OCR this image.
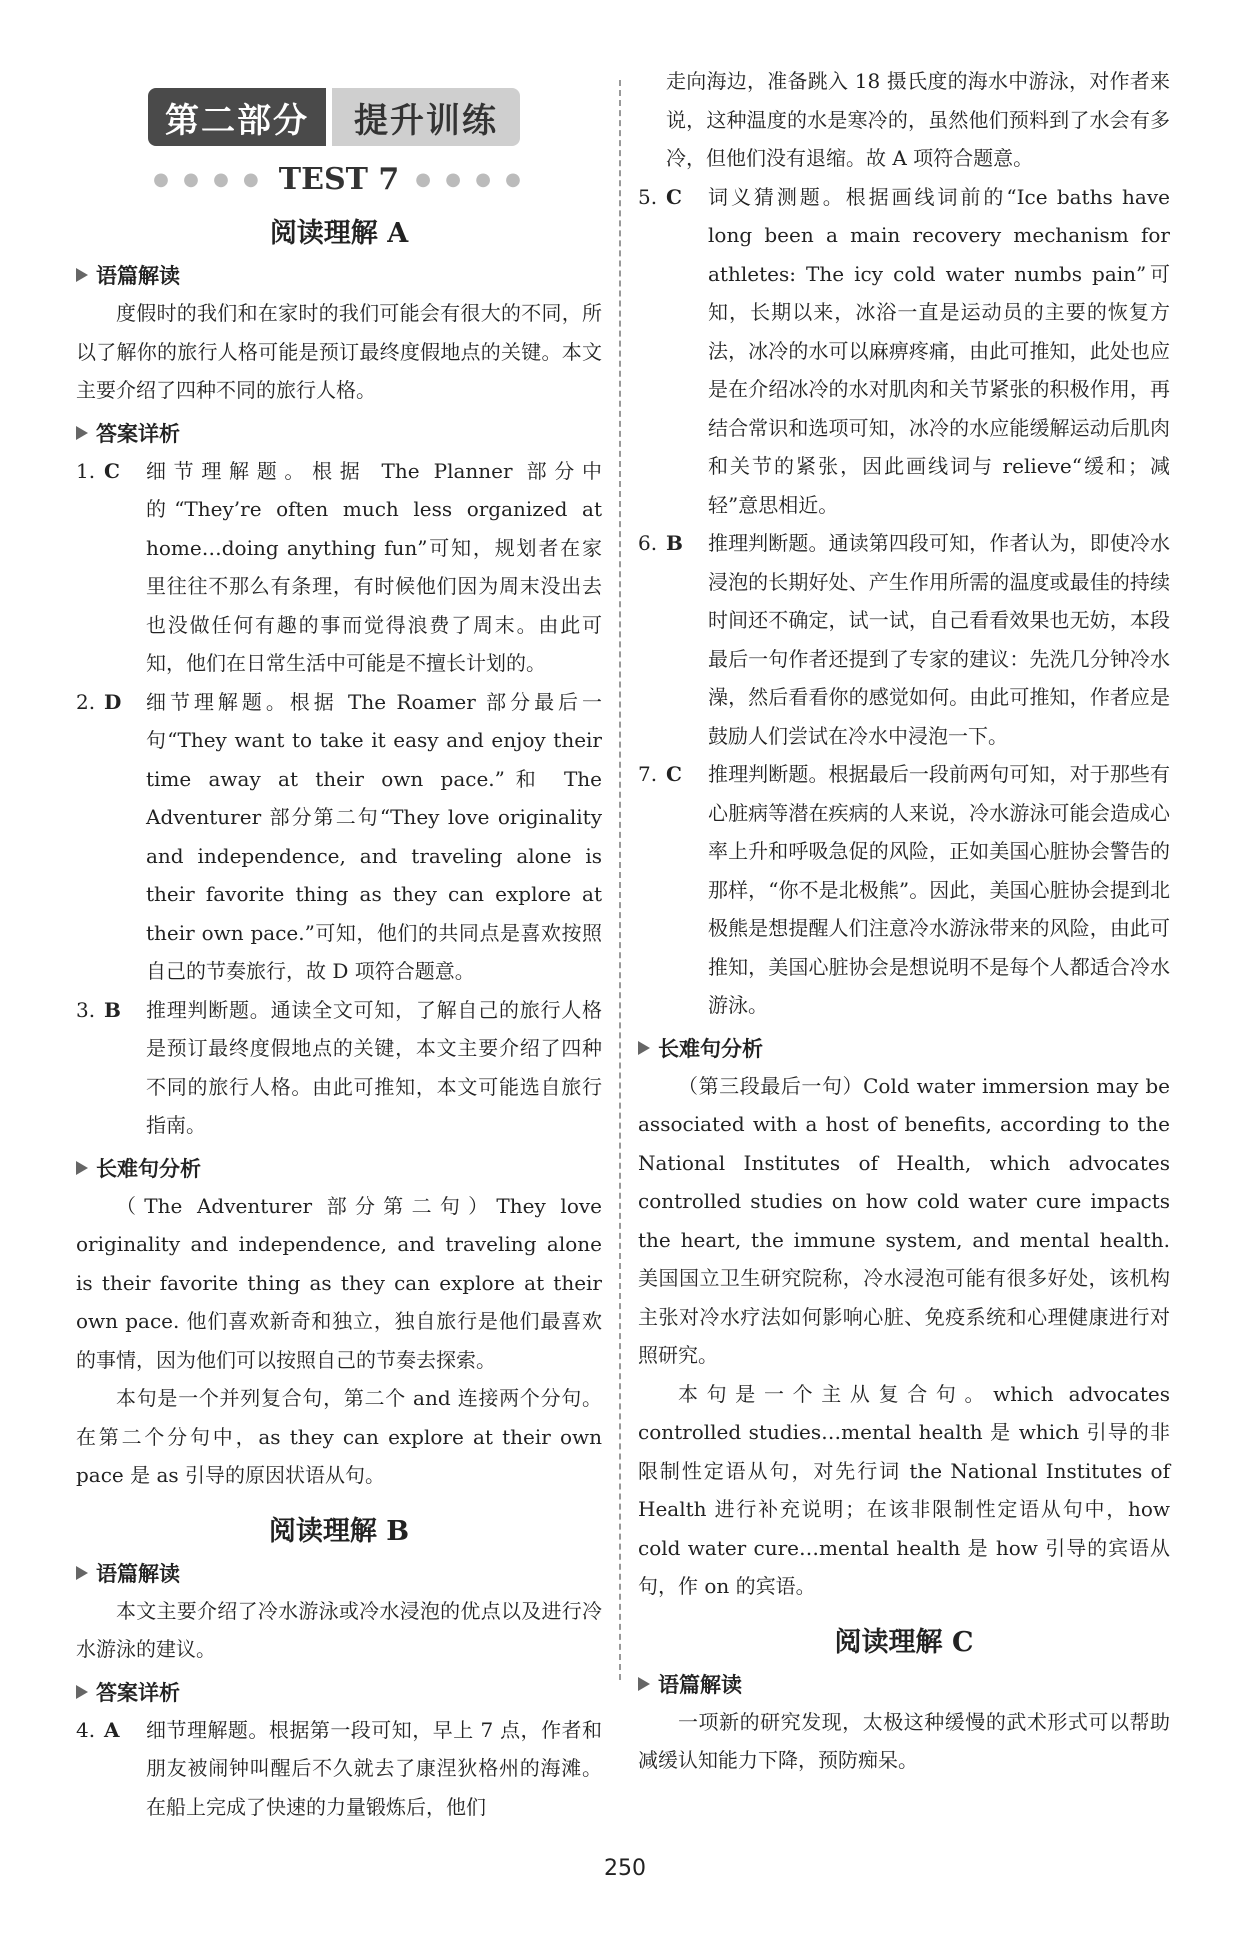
第二部分	提升训练
● ● ● ● TEST 7 ● ● ● ●
阅读理解 A
语篇解读

度假时的我们和在家时的我们可能会有很大的不同，所以了解你的旅行人格可能是预订最终度假地点的关键。本文主要介绍了四种不同的旅行人格。

答案详析
1. C	细节理解题。根据 The Planner 部分中的“They’re often much less organized at home…doing anything fun”可知，规划者在家里往往不那么有条理，有时候他们因为周末没出去也没做任何有趣的事而觉得浪费了周末。由此可知，他们在日常生活中可能是不擅长计划的。
2. D	细节理解题。根据 The Roamer 部分最后一句“They want to take it easy and enjoy their time away at their own pace.”和 The Adventurer 部分第二句“They love originality and independence, and traveling alone is their favorite thing as they can explore at their own pace.”可知，他们的共同点是喜欢按照自己的节奏旅行，故 D 项符合题意。
3. B	推理判断题。通读全文可知，了解自己的旅行人格是预订最终度假地点的关键，本文主要介绍了四种不同的旅行人格。由此可推知，本文可能选自旅行指南。
长难句分析

（The Adventurer 部分第二句）They love originality and independence, and traveling alone is their favorite thing as they can explore at their own pace. 他们喜欢新奇和独立，独自旅行是他们最喜欢的事情，因为他们可以按照自己的节奏去探索。

本句是一个并列复合句，第二个 and 连接两个分句。在第二个分句中，as they can explore at their own pace 是 as 引导的原因状语从句。

阅读理解 B
语篇解读

本文主要介绍了冷水游泳或冷水浸泡的优点以及进行冷水游泳的建议。

答案详析
4. A	细节理解题。根据第一段可知，早上 7 点，作者和朋友被闹钟叫醒后不久就去了康涅狄格州的海滩。在船上完成了快速的力量锻炼后，他们

走向海边，准备跳入 18 摄氏度的海水中游泳，对作者来说，这种温度的水是寒冷的，虽然他们预料到了水会有多冷，但他们没有退缩。故 A 项符合题意。

5. C	词义猜测题。根据画线词前的“Ice baths have long been a main recovery mechanism for athletes: The icy cold water numbs pain”可知，长期以来，冰浴一直是运动员的主要的恢复方法，冰冷的水可以麻痹疼痛，由此可推知，此处也应是在介绍冰冷的水对肌肉和关节紧张的积极作用，再结合常识和选项可知，冰冷的水应能缓解运动后肌肉和关节的紧张，因此画线词与 relieve“缓和；减轻”意思相近。
6. B	推理判断题。通读第四段可知，作者认为，即使冷水浸泡的长期好处、产生作用所需的温度或最佳的持续时间还不确定，试一试，自己看看效果也无妨，本段最后一句作者还提到了专家的建议：先洗几分钟冷水澡，然后看看你的感觉如何。由此可推知，作者应是鼓励人们尝试在冷水中浸泡一下。
7. C	推理判断题。根据最后一段前两句可知，对于那些有心脏病等潜在疾病的人来说，冷水游泳可能会造成心率上升和呼吸急促的风险，正如美国心脏协会警告的那样，“你不是北极熊”。因此，美国心脏协会提到北极熊是想提醒人们注意冷水游泳带来的风险，由此可推知，美国心脏协会是想说明不是每个人都适合冷水游泳。
长难句分析

（第三段最后一句）Cold water immersion may be associated with a host of benefits, according to the National Institutes of Health, which advocates controlled studies on how cold water cure impacts the heart, the immune system, and mental health. 美国国立卫生研究院称，冷水浸泡可能有很多好处，该机构主张对冷水疗法如何影响心脏、免疫系统和心理健康进行对照研究。

本句是一个主从复合句。which advocates controlled studies…mental health 是 which 引导的非限制性定语从句，对先行词 the National Institutes of Health 进行补充说明；在该非限制性定语从句中，how cold water cure…mental health 是 how 引导的宾语从句，作 on 的宾语。

阅读理解 C
语篇解读

一项新的研究发现，太极这种缓慢的武术形式可以帮助减缓认知能力下降，预防痴呆。

250
